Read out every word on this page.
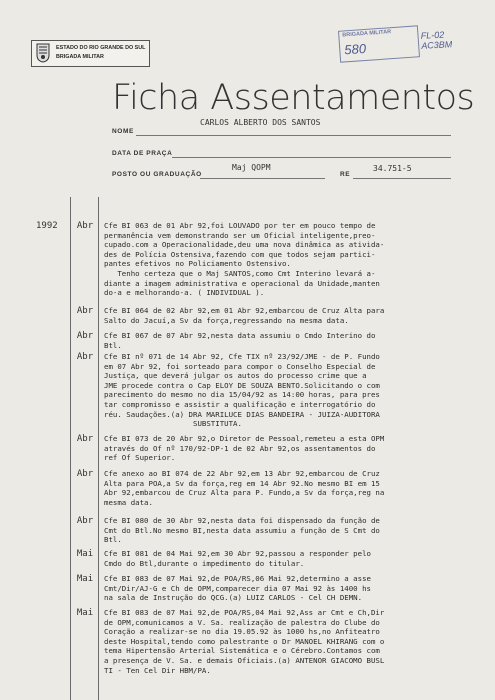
ESTADO DO RIO GRANDE DO SUL
BRIGADA MILITAR
BRIGADA MILITAR
580
FL-02
AC3BM
Ficha Assentamentos
NOME
CARLOS ALBERTO DOS SANTOS
DATA DE PRAÇA
POSTO OU GRADUAÇÃO
Maj QOPM
RE
34.751-5
1992	Abr	Cfe BI 063 de 01 Abr 92,foi LOUVADO por ter em pouco tempo de
permanência vem demonstrando ser um Oficial inteligente,preo-
cupado.com a Operacionalidade,deu uma nova dinâmica as ativida-
des de Polícia Ostensiva,fazendo com que todos sejam partici-
pantes efetivos no Policiamento Ostensivo.
Tenho certeza que o Maj SANTOS,como Cmt Interino levará a-
diante a imagem administrativa e operacional da Unidade,manten
do-a e melhorando-a. ( INDIVIDUAL ).
Abr	Cfe BI 064 de 02 Abr 92,em 01 Abr 92,embarcou de Cruz Alta para
Salto do Jacuí,a Sv da força,regressando na mesma data.
Abr	Cfe BI 067 de 07 Abr 92,nesta data assumiu o Cmdo Interino do
Btl.
Abr	Cfe BI nº 071 de 14 Abr 92, Cfe TIX nº 23/92/JME - de P. Fundo
em 07 Abr 92, foi sorteado para compor o Conselho Especial de
Justiça, que deverá julgar os autos do processo crime que a
JME procede contra o Cap ELOY DE SOUZA BENTO.Solicitando o com
parecimento do mesmo no dia 15/04/92 as 14:00 horas, para pres
tar compromisso e assistir a qualificação e interrogatório do
réu. Saudações.(a) DRA MARILUCE DIAS BANDEIRA - JUIZA-AUDITORA
SUBSTITUTA.
Abr	Cfe BI 073 de 20 Abr 92,o Diretor de Pessoal,remeteu a esta OPM
através do Of nº 170/92-DP-1 de 02 Abr 92,os assentamentos do
ref Of Superior.
Abr	Cfe anexo ao BI 074 de 22 Abr 92,em 13 Abr 92,embarcou de Cruz
Alta para POA,a Sv da força,reg em 14 Abr 92.No mesmo BI em 15
Abr 92,embarcou de Cruz Alta para P. Fundo,a Sv da força,reg na
mesma data.
Abr	Cfe BI 080 de 30 Abr 92,nesta data foi dispensado da função de
Cmt do Btl.No mesmo BI,nesta data assumiu a função de S Cmt do
Btl.
Mai	Cfe BI 081 de 04 Mai 92,em 30 Abr 92,passou a responder pelo
Cmdo do Btl,durante o impedimento do titular.
Mai	Cfe BI 083 de 07 Mai 92,de POA/RS,06 Mai 92,determino a asse
Cmt/Dir/AJ-G e Ch de OPM,comparecer dia 07 Mai 92 às 1400 hs
na sala de Instrução do QCG.(a) LUIZ CARLOS - Cel CH DEMN.
Mai	Cfe BI 083 de 07 Mai 92,de POA/RS,04 Mai 92,Ass ar Cmt e Ch,Dir
de OPM,comunicamos a V. Sa. realização de palestra do Clube do
Coração a realizar-se no dia 19.05.92 às 1000 hs,no Anfiteatro
deste Hospital,tendo como palestrante o Dr MANOEL KHIRANG com o
tema Hipertensão Arterial Sistemática e o Cérebro.Contamos com
a presença de V. Sa. e demais Oficiais.(a) ANTENOR GIACOMO BUSL
TI - Ten Cel Dir HBM/PA.
